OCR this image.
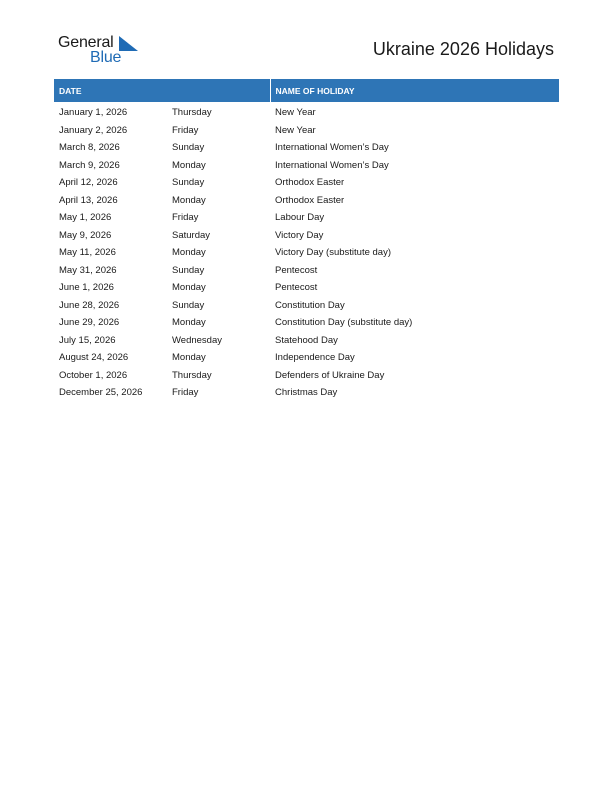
General
Blue	Ukraine 2026 Holidays
DATE		NAME OF HOLIDAY
January 1, 2026	Thursday	New Year
January 2, 2026	Friday	New Year
March 8, 2026	Sunday	International Women’s Day
March 9, 2026	Monday	International Women’s Day
April 12, 2026	Sunday	Orthodox Easter
April 13, 2026	Monday	Orthodox Easter
May 1, 2026	Friday	Labour Day
May 9, 2026	Saturday	Victory Day
May 11, 2026	Monday	Victory Day (substitute day)
May 31, 2026	Sunday	Pentecost
June 1, 2026	Monday	Pentecost
June 28, 2026	Sunday	Constitution Day
June 29, 2026	Monday	Constitution Day (substitute day)
July 15, 2026	Wednesday	Statehood Day
August 24, 2026	Monday	Independence Day
October 1, 2026	Thursday	Defenders of Ukraine Day
December 25, 2026	Friday	Christmas Day
